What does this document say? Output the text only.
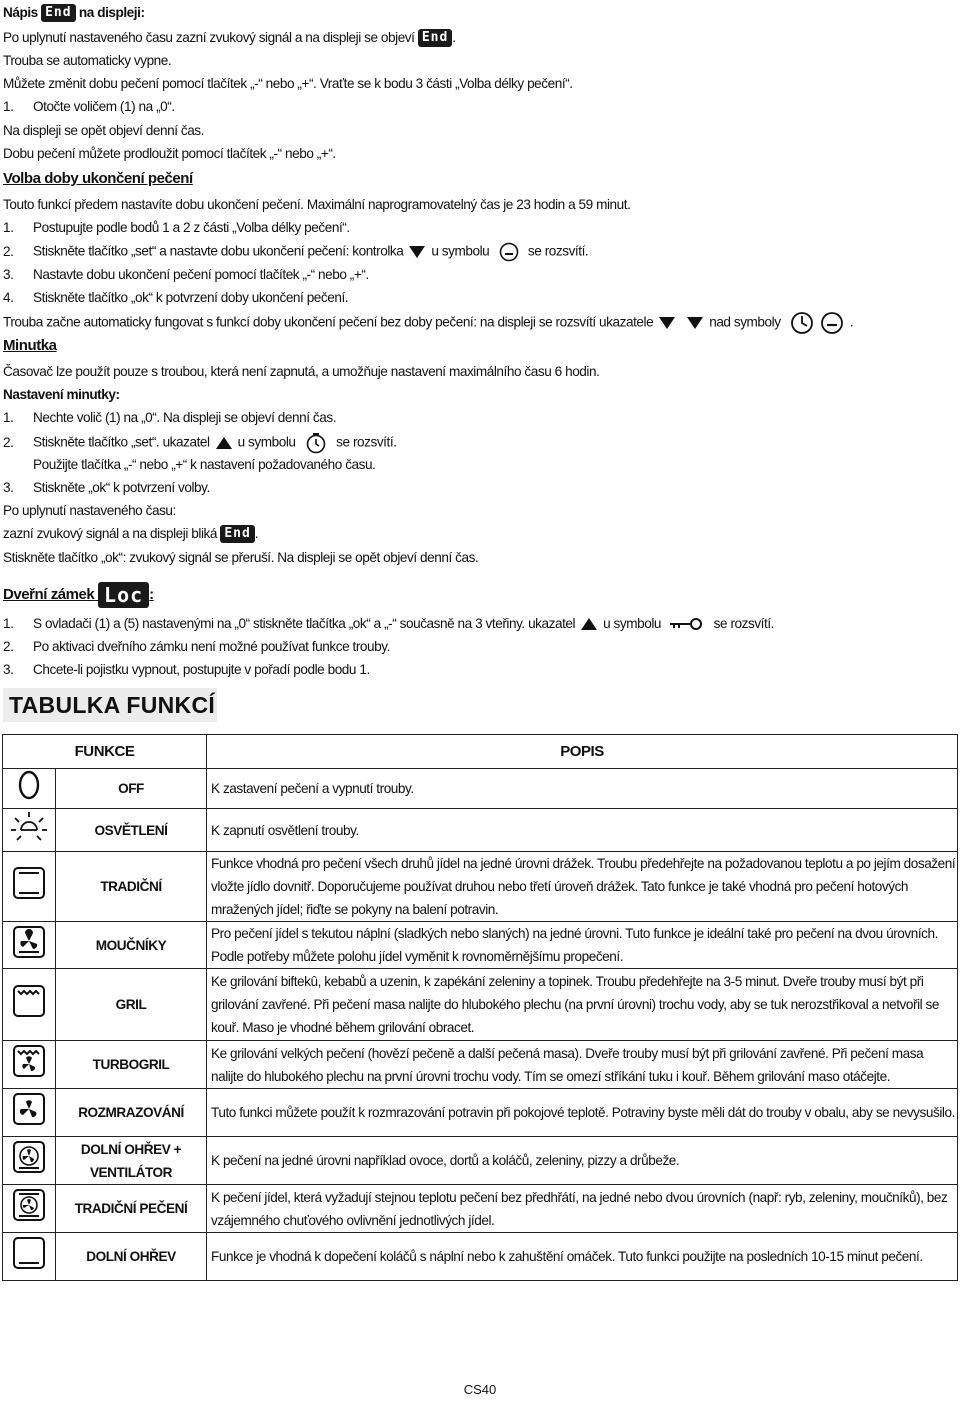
Nápis End na displeji:
Po uplynutí nastaveného času zazní zvukový signál a na displeji se objeví End .
Trouba se automaticky vypne.
Můžete změnit dobu pečení pomocí tlačítek „-“ nebo „+“. Vraťte se k bodu 3 části „Volba délky pečení“.
1. Otočte voličem (1) na „0“.
Na displeji se opět objeví denní čas.
Dobu pečení můžete prodloužit pomocí tlačítek „-“ nebo „+“.
Volba doby ukončení pečení
Touto funkcí předem nastavíte dobu ukončení pečení. Maximální naprogramovatelný čas je 23 hodin a 59 minut.
1. Postupujte podle bodů 1 a 2 z části „Volba délky pečení“.
2. Stiskněte tlačítko „set“ a nastavte dobu ukončení pečení: kontrolka u symbolu	se rozsvítí.
3. Nastavte dobu ukončení pečení pomocí tlačítek „-“ nebo „+“.
4. Stiskněte tlačítko „ok“ k potvrzení doby ukončení pečení.
Trouba začne automaticky fungovat s funkcí doby ukončení pečení bez doby pečení: na displeji se rozsvítí ukazatele	nad symboly	.
Minutka
Časovač lze použít pouze s troubou, která není zapnutá, a umožňuje nastavení maximálního času 6 hodin.
Nastavení minutky:
1. Nechte volič (1) na „0“. Na displeji se objeví denní čas.
2. Stiskněte tlačítko „set“. ukazatel u symbolu	se rozsvítí.
Použijte tlačítka „-“ nebo „+“ k nastavení požadovaného času.
3. Stiskněte „ok“ k potvrzení volby.
Po uplynutí nastaveného času:
zazní zvukový signál a na displeji bliká End .
Stiskněte tlačítko „ok“: zvukový signál se přeruší. Na displeji se opět objeví denní čas.
Dveřní zámek Loc :
1. S ovladači (1) a (5) nastavenými na „0“ stiskněte tlačítka „ok“ a „-“ současně na 3 vteřiny. ukazatel u symbolu	se rozsvítí.
2. Po aktivaci dveřního zámku není možné používat funkce trouby.
3. Chcete-li pojistku vypnout, postupujte v pořadí podle bodu 1.
TABULKA FUNKCÍ
FUNKCE		POPIS
	OFF	K zastavení pečení a vypnutí trouby.
	OSVĚTLENÍ	K zapnutí osvětlení trouby.
	TRADIČNÍ	Funkce vhodná pro pečení všech druhů jídel na jedné úrovni drážek. Troubu předehřejte na požadovanou teplotu a po jejím dosažení vložte jídlo dovnitř. Doporučujeme používat druhou nebo třetí úroveň drážek. Tato funkce je také vhodná pro pečení hotových mražených jídel; řiďte se pokyny na balení potravin.
	MOUČNÍKY	Pro pečení jídel s tekutou náplní (sladkých nebo slaných) na jedné úrovni. Tuto funkce je ideální také pro pečení na dvou úrovních. Podle potřeby můžete polohu jídel vyměnit k rovnoměrnějšímu propečení.
	GRIL	Ke grilování biftekû, kebabů a uzenin, k zapékání zeleniny a topinek. Troubu předehřejte na 3-5 minut. Dveře trouby musí být při grilování zavřené. Při pečení masa nalijte do hlubokého plechu (na první úrovni) trochu vody, aby se tuk nerozstřikoval a netvořil se kouř. Maso je vhodné během grilování obracet.
	TURBOGRIL	Ke grilování velkých pečení (hovězí pečeně a další pečená masa). Dveře trouby musí být při grilování zavřené. Při pečení masa nalijte do hlubokého plechu na první úrovni trochu vody. Tím se omezí stříkání tuku i kouř. Během grilování maso otáčejte.
	ROZMRAZOVÁNÍ	Tuto funkci můžete použít k rozmrazování potravin při pokojové teplotě. Potraviny byste měli dát do trouby v obalu, aby se nevysušilo.
	DOLNÍ OHŘEV + VENTILÁTOR	K pečení na jedné úrovni například ovoce, dortů a koláčů, zeleniny, pizzy a drůbeže.
	TRADIČNÍ PEČENÍ	K pečení jídel, která vyžadují stejnou teplotu pečení bez předhřátí, na jedné nebo dvou úrovních (např: ryb, zeleniny, moučníků), bez vzájemného chuťového ovlivnění jednotlivých jídel.
	DOLNÍ OHŘEV	Funkce je vhodná k dopečení koláčů s náplní nebo k zahuštění omáček. Tuto funkci použijte na posledních 10-15 minut pečení.
CS40
